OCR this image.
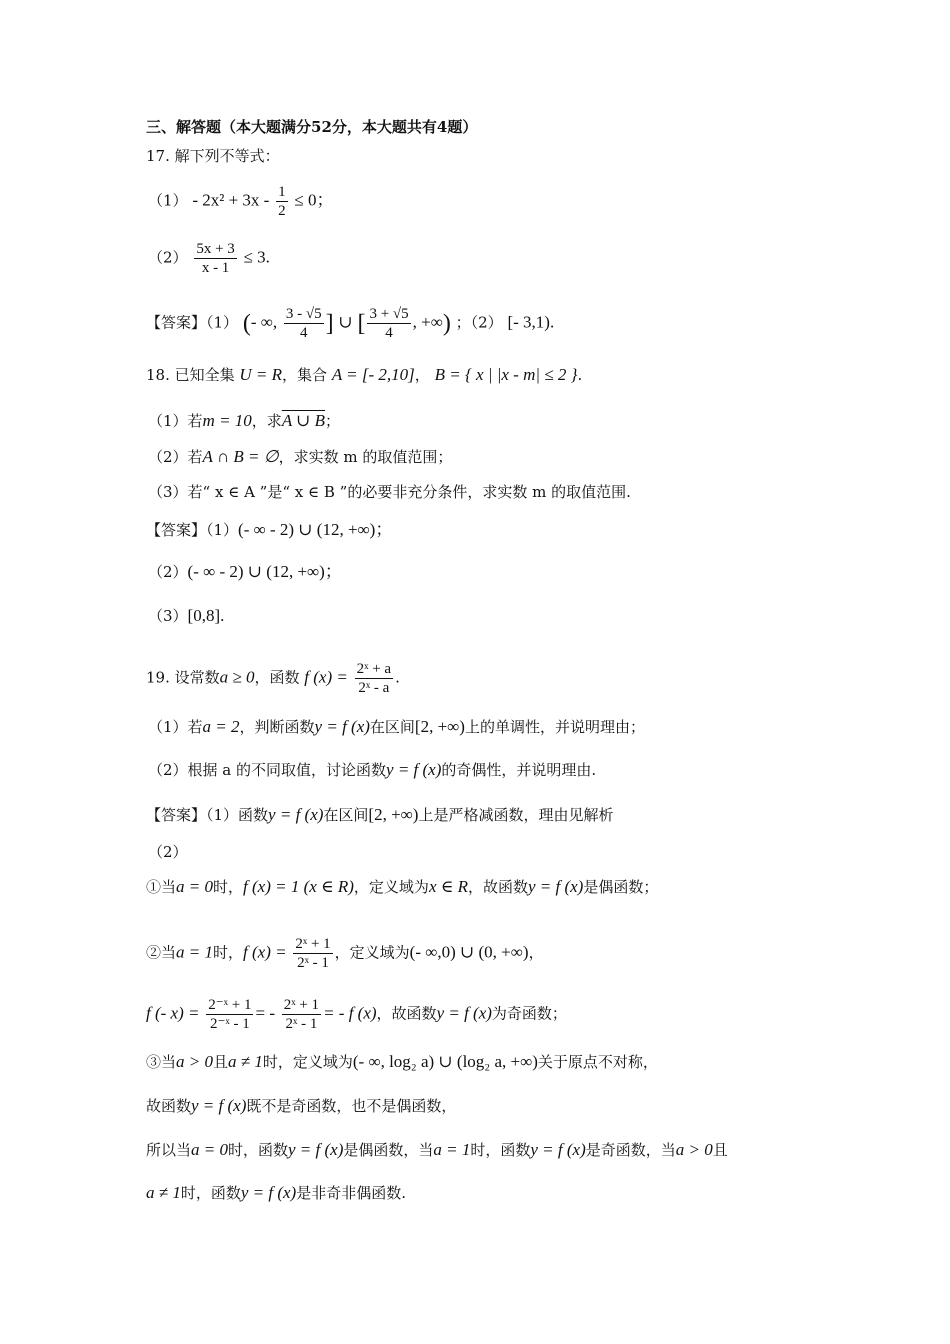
三、解答题（本大题满分52分，本大题共有4题）
17. 解下列不等式：
$(1) - 2x^2 + 3x - \frac{1}{2} \le 0$；
$(2) \frac{5x + 3}{x - 1} \le 3$.
【答案】（1） (- ∞, $\frac{3 - √5}{4}$ ] ∪ [ $\frac{3 + √5}{4}$ , +∞) ；（2） [- 3,1).
18. 已知全集 U = R，集合 A = [- 2,10]， B = { x | |x - m| ≤ 2 }.
（1）若m = 10，求A ∪ B；
（2）若A ∩ B = ∅，求实数 m 的取值范围；
（3）若“ x ∈ A ”是“ x ∈ B ”的必要非充分条件，求实数 m 的取值范围.
【答案】（1）(- ∞ - 2) ∪ (12, +∞)；
（2）(- ∞ - 2) ∪ (12, +∞)；
（3）[0,8].
19. 设常数a ≥ 0，函数 f $(x) = \frac{\text{2ˣ + a}}{\text{2ˣ - a}}$ .
（1）若a = 2，判断函数y = f (x)在区间[2, +∞)上的单调性，并说明理由；
（2）根据 a 的不同取值，讨论函数y = f (x)的奇偶性，并说明理由.
【答案】（1）函数y = f (x)在区间[2, +∞)上是严格减函数，理由见解析
（2）
①当a = 0时，f (x) = 1 (x ∈ R)，定义域为x ∈ R，故函数y = f (x)是偶函数；
②当a = 1时，f $(x) = \frac{\text{2ˣ + 1}}{\text{2ˣ - 1}}$ ，定义域为(- ∞,0) ∪ (0, +∞)，
f (- $x) = \frac{\text{2⁻ˣ + 1}}{\text{2⁻ˣ - 1}}$ = - $\frac{\text{2ˣ + 1}}{\text{2ˣ - 1}}$ = - f (x)，故函数y = f (x)为奇函数；
③当a > 0且a ≠ 1时，定义域为(- ∞, log₂ a) ∪ (log₂ a, +∞)关于原点不对称，
故函数y = f (x)既不是奇函数，也不是偶函数，
所以当a = 0时，函数y = f (x)是偶函数，当a = 1时，函数y = f (x)是奇函数，当a > 0且
a ≠ 1时，函数y = f (x)是非奇非偶函数.
